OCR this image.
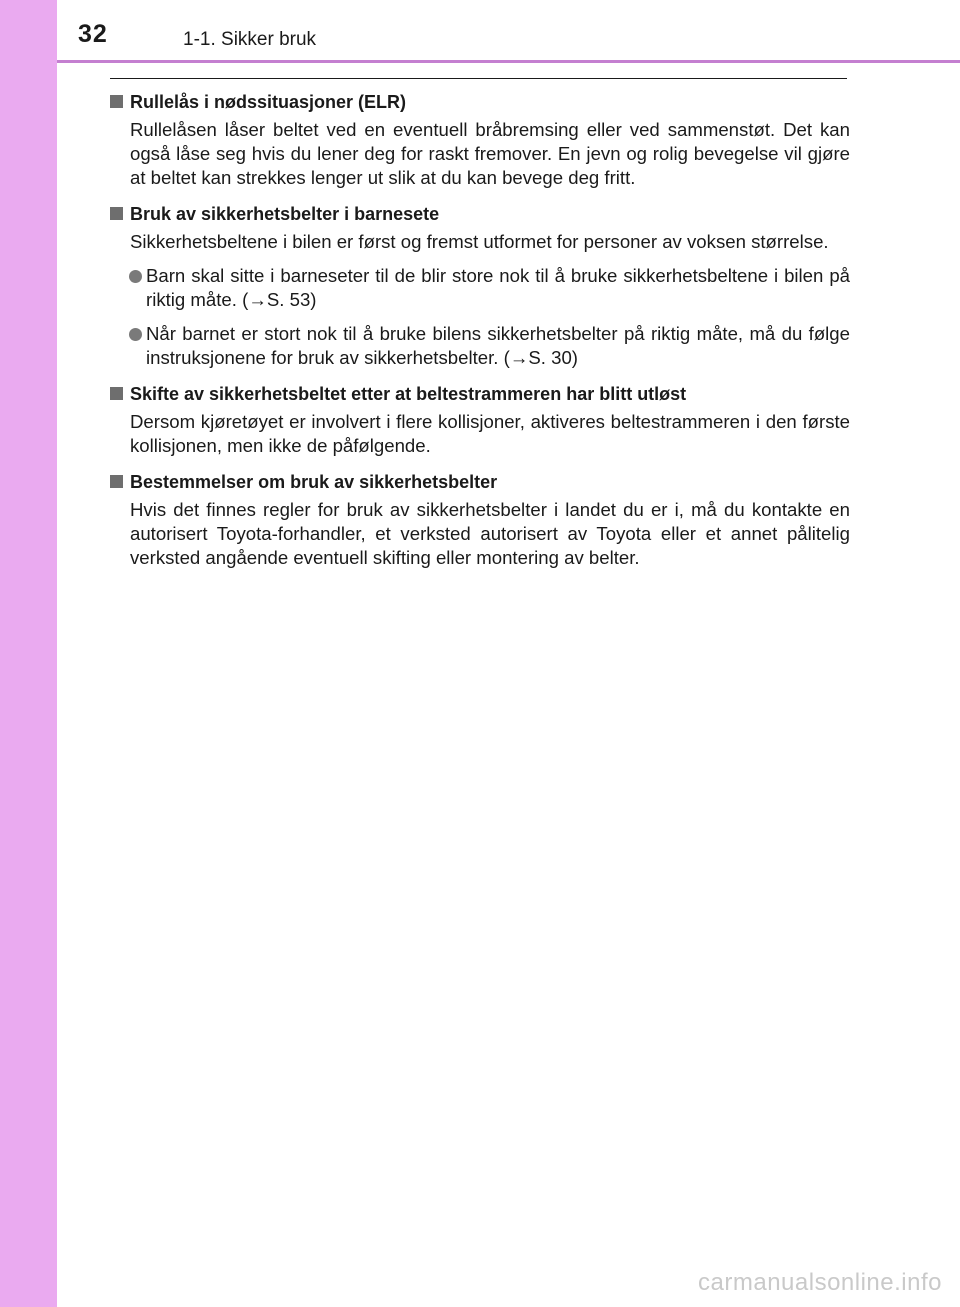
32	1-1. Sikker bruk
Rullelås i nødssituasjoner (ELR)
Rullelåsen låser beltet ved en eventuell bråbremsing eller ved sammenstøt. Det kan også låse seg hvis du lener deg for raskt fremover. En jevn og rolig bevegelse vil gjøre at beltet kan strekkes lenger ut slik at du kan bevege deg fritt.
Bruk av sikkerhetsbelter i barnesete
Sikkerhetsbeltene i bilen er først og fremst utformet for personer av voksen størrelse.
Barn skal sitte i barneseter til de blir store nok til å bruke sikkerhetsbeltene i bilen på riktig måte. (→S. 53)
Når barnet er stort nok til å bruke bilens sikkerhetsbelter på riktig måte, må du følge instruksjonene for bruk av sikkerhetsbelter. (→S. 30)
Skifte av sikkerhetsbeltet etter at beltestrammeren har blitt utløst
Dersom kjøretøyet er involvert i flere kollisjoner, aktiveres beltestrammeren i den første kollisjonen, men ikke de påfølgende.
Bestemmelser om bruk av sikkerhetsbelter
Hvis det finnes regler for bruk av sikkerhetsbelter i landet du er i, må du kontakte en autorisert Toyota-forhandler, et verksted autorisert av Toyota eller et annet pålitelig verksted angående eventuell skifting eller montering av belter.
carmanualsonline.info
